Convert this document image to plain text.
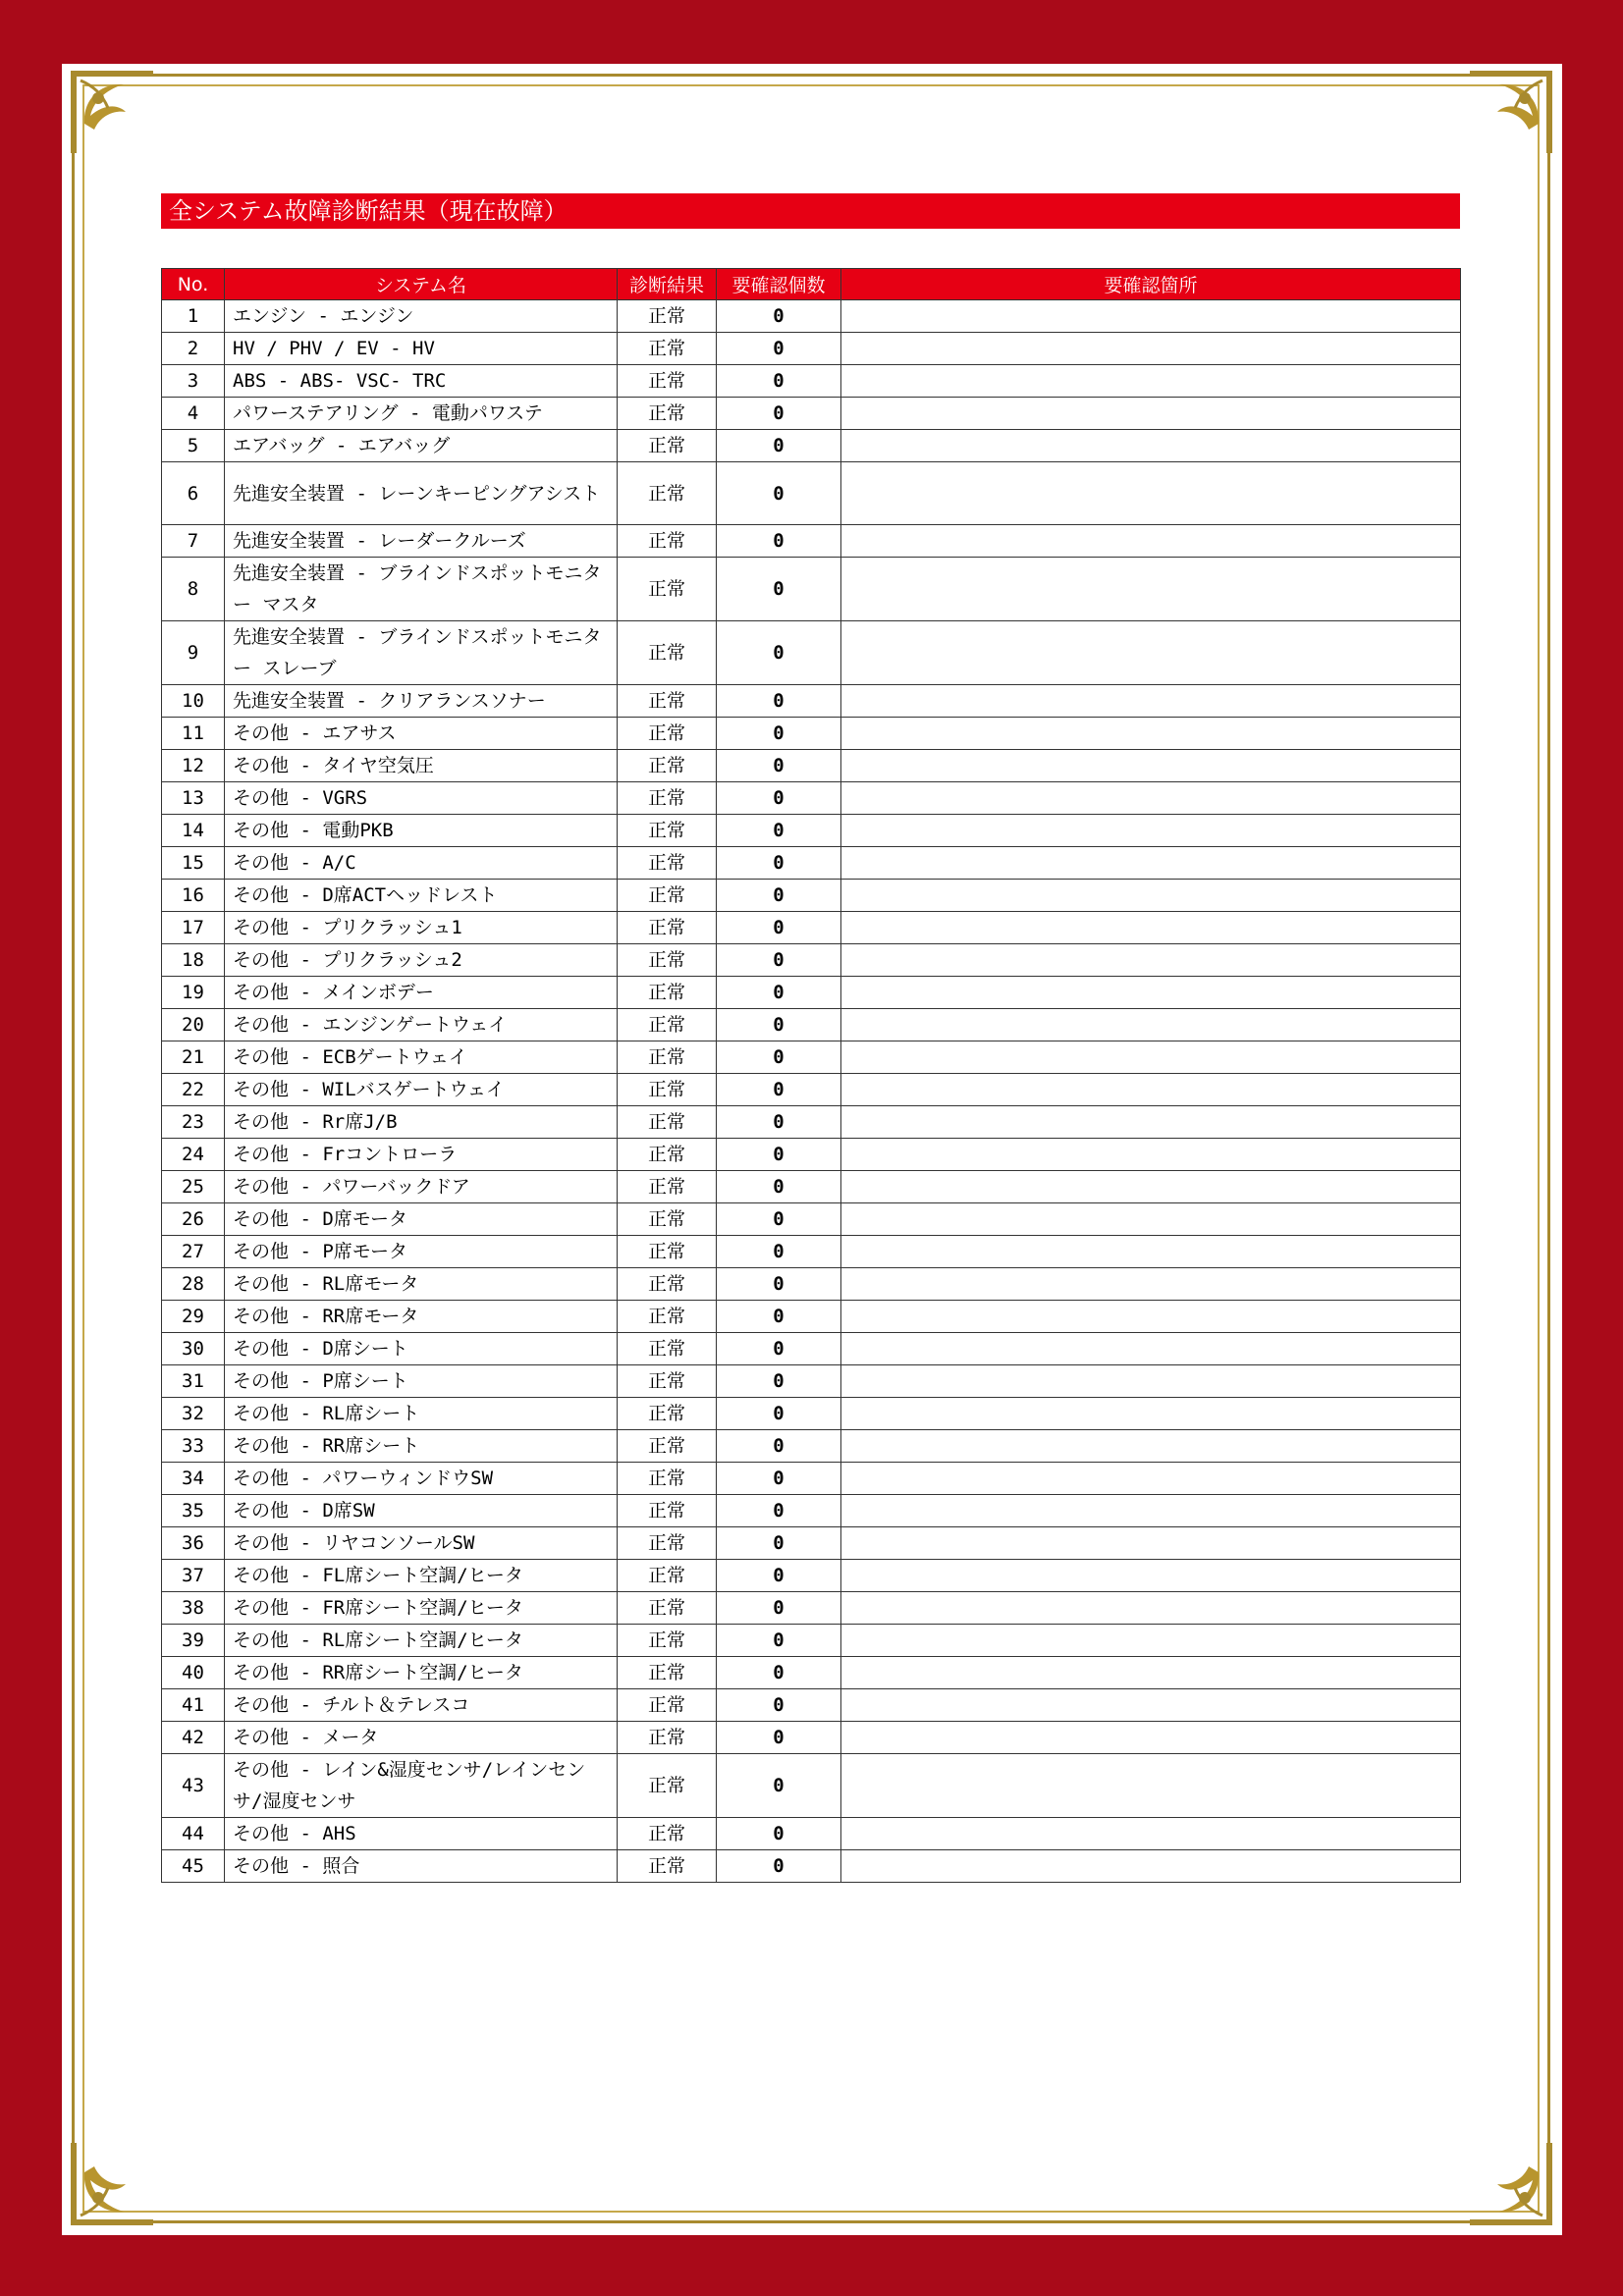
全システム故障診断結果（現在故障）
No.	システム名	診断結果	要確認個数	要確認箇所
1	エンジン - エンジン	正常	0	
2	HV / PHV / EV - HV	正常	0	
3	ABS - ABS- VSC- TRC	正常	0	
4	パワーステアリング - 電動パワステ	正常	0	
5	エアバッグ - エアバッグ	正常	0	
6	先進安全装置 - レーンキーピングアシスト	正常	0	
7	先進安全装置 - レーダークルーズ	正常	0	
8	先進安全装置 - ブラインドスポットモニター マスタ	正常	0	
9	先進安全装置 - ブラインドスポットモニター スレーブ	正常	0	
10	先進安全装置 - クリアランスソナー	正常	0	
11	その他 - エアサス	正常	0	
12	その他 - タイヤ空気圧	正常	0	
13	その他 - VGRS	正常	0	
14	その他 - 電動PKB	正常	0	
15	その他 - A/C	正常	0	
16	その他 - D席ACTヘッドレスト	正常	0	
17	その他 - プリクラッシュ1	正常	0	
18	その他 - プリクラッシュ2	正常	0	
19	その他 - メインボデー	正常	0	
20	その他 - エンジンゲートウェイ	正常	0	
21	その他 - ECBゲートウェイ	正常	0	
22	その他 - WILバスゲートウェイ	正常	0	
23	その他 - Rr席J/B	正常	0	
24	その他 - Frコントローラ	正常	0	
25	その他 - パワーバックドア	正常	0	
26	その他 - D席モータ	正常	0	
27	その他 - P席モータ	正常	0	
28	その他 - RL席モータ	正常	0	
29	その他 - RR席モータ	正常	0	
30	その他 - D席シート	正常	0	
31	その他 - P席シート	正常	0	
32	その他 - RL席シート	正常	0	
33	その他 - RR席シート	正常	0	
34	その他 - パワーウィンドウSW	正常	0	
35	その他 - D席SW	正常	0	
36	その他 - リヤコンソールSW	正常	0	
37	その他 - FL席シート空調/ヒータ	正常	0	
38	その他 - FR席シート空調/ヒータ	正常	0	
39	その他 - RL席シート空調/ヒータ	正常	0	
40	その他 - RR席シート空調/ヒータ	正常	0	
41	その他 - チルト＆テレスコ	正常	0	
42	その他 - メータ	正常	0	
43	その他 - レイン&湿度センサ/レインセンサ/湿度センサ	正常	0	
44	その他 - AHS	正常	0	
45	その他 - 照合	正常	0	
